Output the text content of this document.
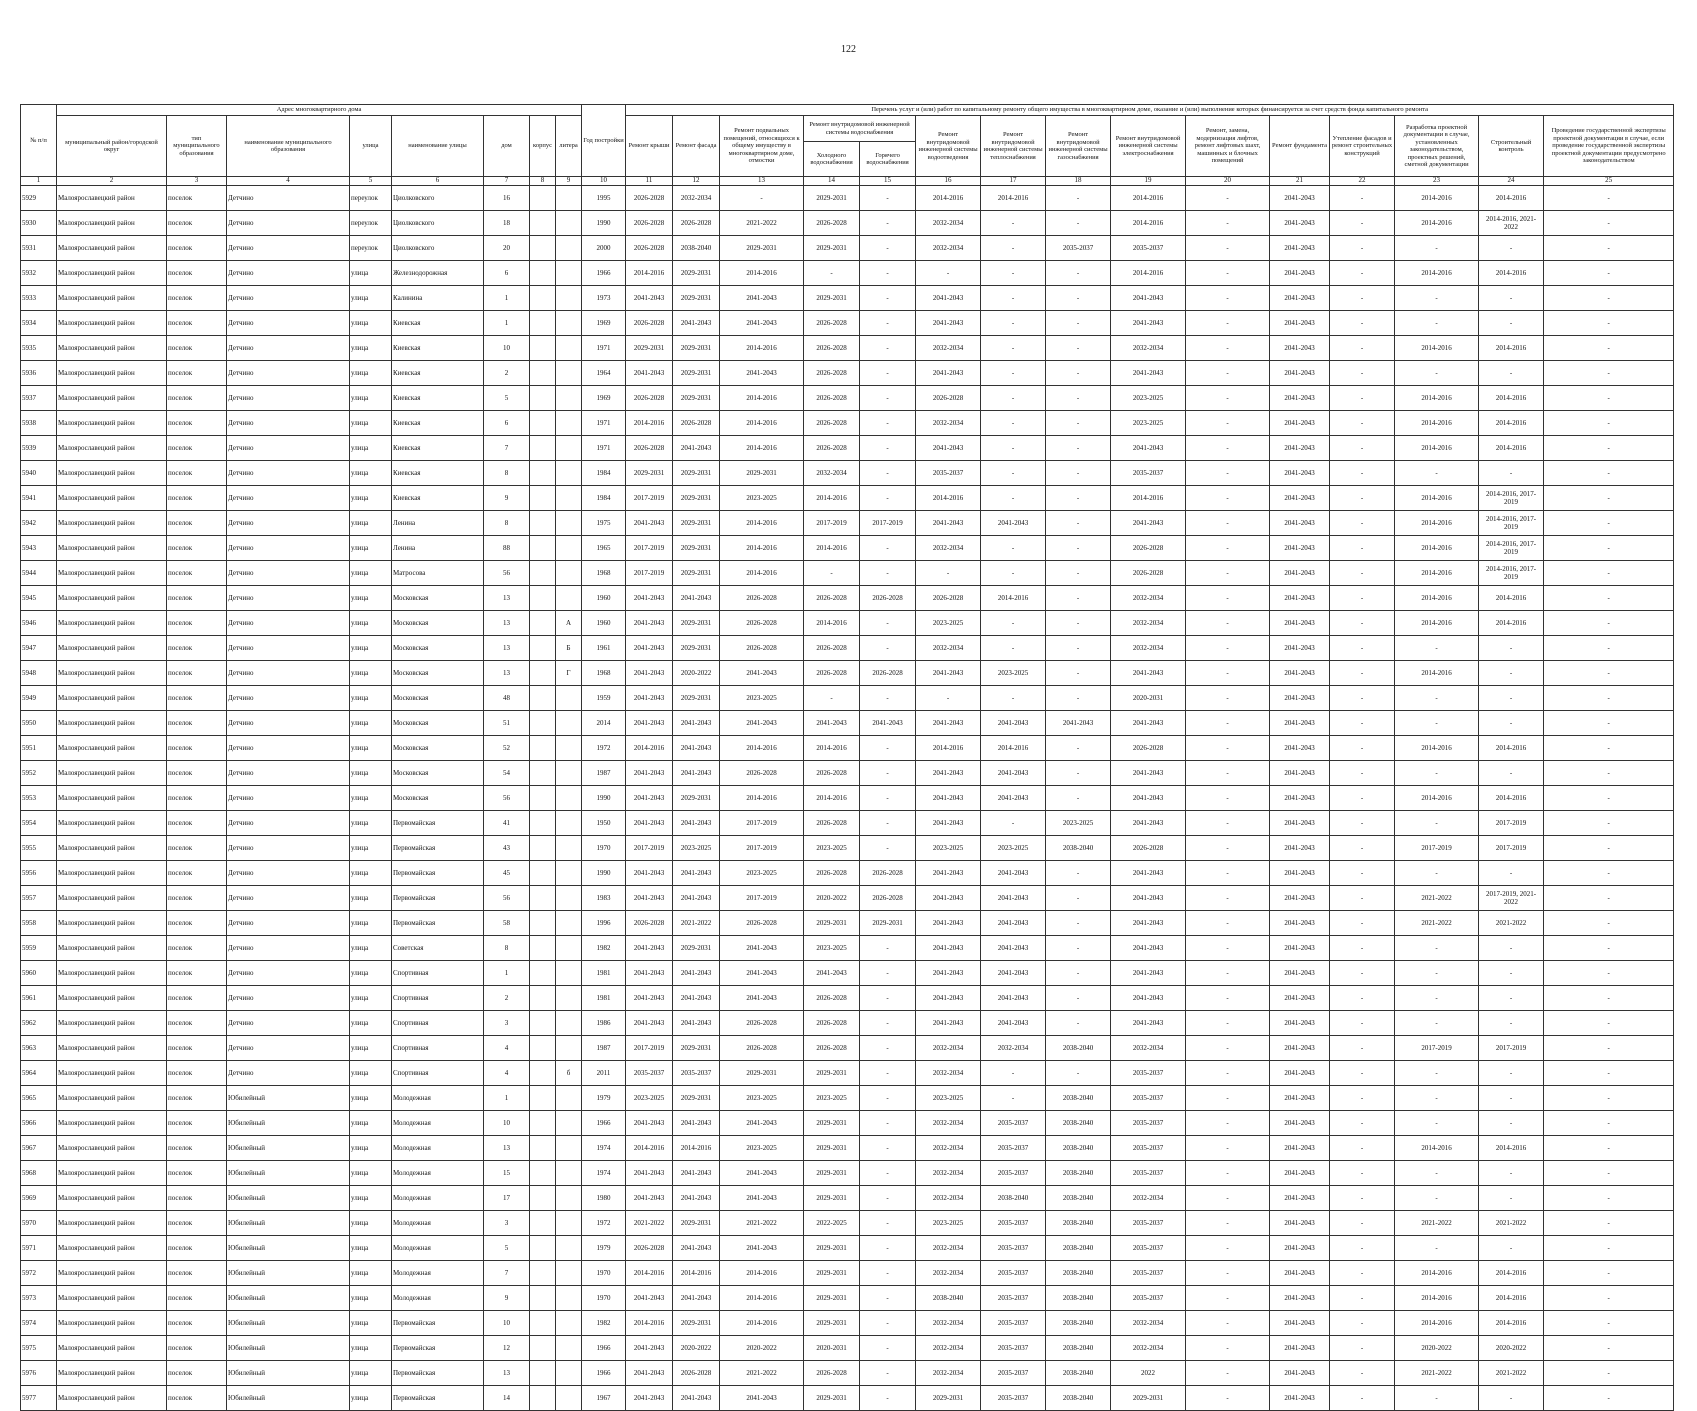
122
№ п/п	Адрес многоквартирного дома								Год постройки	Перечень услуг и (или) работ по капитальному ремонту общего имущества в многоквартирном доме, оказание и (или) выполнение которых финансируется за счет средств фонда капитального ремонта														
	муниципальный район/городской округ	тип муниципального образования	наименование муниципального образования	улица	наименование улицы	дом	корпус	литера		Ремонт крыши	Ремонт фасада	Ремонт подвальных помещений, относящихся к общему имуществу в многоквартирном доме, отмостки	Ремонт внутридомовой инженерной системы водоснабжения		Ремонт внутридомовой инженерной системы водоотведения	Ремонт внутридомовой инженерной системы теплоснабжения	Ремонт внутридомовой инженерной системы газоснабжения	Ремонт внутридомовой инженерной системы электроснабжения	Ремонт, замена, модернизация лифтов, ремонт лифтовых шахт, машинных и блочных помещений	Ремонт фундамента	Утепление фасадов и ремонт строительных конструкций	Разработка проектной документации в случае, установленных законодательством, проектных решений, сметной документации	Строительный контроль	Проведение государственной экспертизы проектной документации в случае, если проведение государственной экспертизы проектной документации предусмотрено законодательством
													Холодного водоснабжения	Горячего водоснабжения										
1	2	3	4	5	6	7	8	9	10	11	12	13	14	15	16	17	18	19	20	21	22	23	24	25
5929	Малоярославецкий район	поселок	Детчино	переулок	Циолковского	16			1995	2026-2028	2032-2034	-	2029-2031	-	2014-2016	2014-2016	-	2014-2016	-	2041-2043	-	2014-2016	2014-2016	-
5930	Малоярославецкий район	поселок	Детчино	переулок	Циолковского	18			1990	2026-2028	2026-2028	2021-2022	2026-2028	-	2032-2034	-	-	2014-2016	-	2041-2043	-	2014-2016	2014-2016, 2021-2022	-
5931	Малоярославецкий район	поселок	Детчино	переулок	Циолковского	20			2000	2026-2028	2038-2040	2029-2031	2029-2031	-	2032-2034	-	2035-2037	2035-2037	-	2041-2043	-	-	-	-
5932	Малоярославецкий район	поселок	Детчино	улица	Железнодорожная	6			1966	2014-2016	2029-2031	2014-2016	-	-	-	-	-	2014-2016	-	2041-2043	-	2014-2016	2014-2016	-
5933	Малоярославецкий район	поселок	Детчино	улица	Калинина	1			1973	2041-2043	2029-2031	2041-2043	2029-2031	-	2041-2043	-	-	2041-2043	-	2041-2043	-	-	-	-
5934	Малоярославецкий район	поселок	Детчино	улица	Киевская	1			1969	2026-2028	2041-2043	2041-2043	2026-2028	-	2041-2043	-	-	2041-2043	-	2041-2043	-	-	-	-
5935	Малоярославецкий район	поселок	Детчино	улица	Киевская	10			1971	2029-2031	2029-2031	2014-2016	2026-2028	-	2032-2034	-	-	2032-2034	-	2041-2043	-	2014-2016	2014-2016	-
5936	Малоярославецкий район	поселок	Детчино	улица	Киевская	2			1964	2041-2043	2029-2031	2041-2043	2026-2028	-	2041-2043	-	-	2041-2043	-	2041-2043	-	-	-	-
5937	Малоярославецкий район	поселок	Детчино	улица	Киевская	5			1969	2026-2028	2029-2031	2014-2016	2026-2028	-	2026-2028	-	-	2023-2025	-	2041-2043	-	2014-2016	2014-2016	-
5938	Малоярославецкий район	поселок	Детчино	улица	Киевская	6			1971	2014-2016	2026-2028	2014-2016	2026-2028	-	2032-2034	-	-	2023-2025	-	2041-2043	-	2014-2016	2014-2016	-
5939	Малоярославецкий район	поселок	Детчино	улица	Киевская	7			1971	2026-2028	2041-2043	2014-2016	2026-2028	-	2041-2043	-	-	2041-2043	-	2041-2043	-	2014-2016	2014-2016	-
5940	Малоярославецкий район	поселок	Детчино	улица	Киевская	8			1984	2029-2031	2029-2031	2029-2031	2032-2034	-	2035-2037	-	-	2035-2037	-	2041-2043	-	-	-	-
5941	Малоярославецкий район	поселок	Детчино	улица	Киевская	9			1984	2017-2019	2029-2031	2023-2025	2014-2016	-	2014-2016	-	-	2014-2016	-	2041-2043	-	2014-2016	2014-2016, 2017-2019	-
5942	Малоярославецкий район	поселок	Детчино	улица	Ленина	8			1975	2041-2043	2029-2031	2014-2016	2017-2019	2017-2019	2041-2043	2041-2043	-	2041-2043	-	2041-2043	-	2014-2016	2014-2016, 2017-2019	-
5943	Малоярославецкий район	поселок	Детчино	улица	Ленина	88			1965	2017-2019	2029-2031	2014-2016	2014-2016	-	2032-2034	-	-	2026-2028	-	2041-2043	-	2014-2016	2014-2016, 2017-2019	-
5944	Малоярославецкий район	поселок	Детчино	улица	Матросова	56			1968	2017-2019	2029-2031	2014-2016	-	-	-	-	-	2026-2028	-	2041-2043	-	2014-2016	2014-2016, 2017-2019	-
5945	Малоярославецкий район	поселок	Детчино	улица	Московская	13			1960	2041-2043	2041-2043	2026-2028	2026-2028	2026-2028	2026-2028	2014-2016	-	2032-2034	-	2041-2043	-	2014-2016	2014-2016	-
5946	Малоярославецкий район	поселок	Детчино	улица	Московская	13		А	1960	2041-2043	2029-2031	2026-2028	2014-2016	-	2023-2025	-	-	2032-2034	-	2041-2043	-	2014-2016	2014-2016	-
5947	Малоярославецкий район	поселок	Детчино	улица	Московская	13		Б	1961	2041-2043	2029-2031	2026-2028	2026-2028	-	2032-2034	-	-	2032-2034	-	2041-2043	-	-	-	-
5948	Малоярославецкий район	поселок	Детчино	улица	Московская	13		Г	1968	2041-2043	2020-2022	2041-2043	2026-2028	2026-2028	2041-2043	2023-2025	-	2041-2043	-	2041-2043	-	2014-2016	-	-
5949	Малоярославецкий район	поселок	Детчино	улица	Московская	48			1959	2041-2043	2029-2031	2023-2025	-	-	-	-	-	2020-2031	-	2041-2043	-	-	-	-
5950	Малоярославецкий район	поселок	Детчино	улица	Московская	51			2014	2041-2043	2041-2043	2041-2043	2041-2043	2041-2043	2041-2043	2041-2043	2041-2043	2041-2043	-	2041-2043	-	-	-	-
5951	Малоярославецкий район	поселок	Детчино	улица	Московская	52			1972	2014-2016	2041-2043	2014-2016	2014-2016	-	2014-2016	2014-2016	-	2026-2028	-	2041-2043	-	2014-2016	2014-2016	-
5952	Малоярославецкий район	поселок	Детчино	улица	Московская	54			1987	2041-2043	2041-2043	2026-2028	2026-2028	-	2041-2043	2041-2043	-	2041-2043	-	2041-2043	-	-	-	-
5953	Малоярославецкий район	поселок	Детчино	улица	Московская	56			1990	2041-2043	2029-2031	2014-2016	2014-2016	-	2041-2043	2041-2043	-	2041-2043	-	2041-2043	-	2014-2016	2014-2016	-
5954	Малоярославецкий район	поселок	Детчино	улица	Первомайская	41			1950	2041-2043	2041-2043	2017-2019	2026-2028	-	2041-2043	-	2023-2025	2041-2043	-	2041-2043	-	-	2017-2019	-
5955	Малоярославецкий район	поселок	Детчино	улица	Первомайская	43			1970	2017-2019	2023-2025	2017-2019	2023-2025	-	2023-2025	2023-2025	2038-2040	2026-2028	-	2041-2043	-	2017-2019	2017-2019	-
5956	Малоярославецкий район	поселок	Детчино	улица	Первомайская	45			1990	2041-2043	2041-2043	2023-2025	2026-2028	2026-2028	2041-2043	2041-2043	-	2041-2043	-	2041-2043	-	-	-	-
5957	Малоярославецкий район	поселок	Детчино	улица	Первомайская	56			1983	2041-2043	2041-2043	2017-2019	2020-2022	2026-2028	2041-2043	2041-2043	-	2041-2043	-	2041-2043	-	2021-2022	2017-2019, 2021-2022	-
5958	Малоярославецкий район	поселок	Детчино	улица	Первомайская	58			1996	2026-2028	2021-2022	2026-2028	2029-2031	2029-2031	2041-2043	2041-2043	-	2041-2043	-	2041-2043	-	2021-2022	2021-2022	-
5959	Малоярославецкий район	поселок	Детчино	улица	Советская	8			1982	2041-2043	2029-2031	2041-2043	2023-2025	-	2041-2043	2041-2043	-	2041-2043	-	2041-2043	-	-	-	-
5960	Малоярославецкий район	поселок	Детчино	улица	Спортивная	1			1981	2041-2043	2041-2043	2041-2043	2041-2043	-	2041-2043	2041-2043	-	2041-2043	-	2041-2043	-	-	-	-
5961	Малоярославецкий район	поселок	Детчино	улица	Спортивная	2			1981	2041-2043	2041-2043	2041-2043	2026-2028	-	2041-2043	2041-2043	-	2041-2043	-	2041-2043	-	-	-	-
5962	Малоярославецкий район	поселок	Детчино	улица	Спортивная	3			1986	2041-2043	2041-2043	2026-2028	2026-2028	-	2041-2043	2041-2043	-	2041-2043	-	2041-2043	-	-	-	-
5963	Малоярославецкий район	поселок	Детчино	улица	Спортивная	4			1987	2017-2019	2029-2031	2026-2028	2026-2028	-	2032-2034	2032-2034	2038-2040	2032-2034	-	2041-2043	-	2017-2019	2017-2019	-
5964	Малоярославецкий район	поселок	Детчино	улица	Спортивная	4		б	2011	2035-2037	2035-2037	2029-2031	2029-2031	-	2032-2034	-	-	2035-2037	-	2041-2043	-	-	-	-
5965	Малоярославецкий район	поселок	Юбилейный	улица	Молодежная	1			1979	2023-2025	2029-2031	2023-2025	2023-2025	-	2023-2025	-	2038-2040	2035-2037	-	2041-2043	-	-	-	-
5966	Малоярославецкий район	поселок	Юбилейный	улица	Молодежная	10			1966	2041-2043	2041-2043	2041-2043	2029-2031	-	2032-2034	2035-2037	2038-2040	2035-2037	-	2041-2043	-	-	-	-
5967	Малоярославецкий район	поселок	Юбилейный	улица	Молодежная	13			1974	2014-2016	2014-2016	2023-2025	2029-2031	-	2032-2034	2035-2037	2038-2040	2035-2037	-	2041-2043	-	2014-2016	2014-2016	-
5968	Малоярославецкий район	поселок	Юбилейный	улица	Молодежная	15			1974	2041-2043	2041-2043	2041-2043	2029-2031	-	2032-2034	2035-2037	2038-2040	2035-2037	-	2041-2043	-	-	-	-
5969	Малоярославецкий район	поселок	Юбилейный	улица	Молодежная	17			1980	2041-2043	2041-2043	2041-2043	2029-2031	-	2032-2034	2038-2040	2038-2040	2032-2034	-	2041-2043	-	-	-	-
5970	Малоярославецкий район	поселок	Юбилейный	улица	Молодежная	3			1972	2021-2022	2029-2031	2021-2022	2022-2025	-	2023-2025	2035-2037	2038-2040	2035-2037	-	2041-2043	-	2021-2022	2021-2022	-
5971	Малоярославецкий район	поселок	Юбилейный	улица	Молодежная	5			1979	2026-2028	2041-2043	2041-2043	2029-2031	-	2032-2034	2035-2037	2038-2040	2035-2037	-	2041-2043	-	-	-	-
5972	Малоярославецкий район	поселок	Юбилейный	улица	Молодежная	7			1970	2014-2016	2014-2016	2014-2016	2029-2031	-	2032-2034	2035-2037	2038-2040	2035-2037	-	2041-2043	-	2014-2016	2014-2016	-
5973	Малоярославецкий район	поселок	Юбилейный	улица	Молодежная	9			1970	2041-2043	2041-2043	2014-2016	2029-2031	-	2038-2040	2035-2037	2038-2040	2035-2037	-	2041-2043	-	2014-2016	2014-2016	-
5974	Малоярославецкий район	поселок	Юбилейный	улица	Первомайская	10			1982	2014-2016	2029-2031	2014-2016	2029-2031	-	2032-2034	2035-2037	2038-2040	2032-2034	-	2041-2043	-	2014-2016	2014-2016	-
5975	Малоярославецкий район	поселок	Юбилейный	улица	Первомайская	12			1966	2041-2043	2020-2022	2020-2022	2020-2031	-	2032-2034	2035-2037	2038-2040	2032-2034	-	2041-2043	-	2020-2022	2020-2022	-
5976	Малоярославецкий район	поселок	Юбилейный	улица	Первомайская	13			1966	2041-2043	2026-2028	2021-2022	2026-2028	-	2032-2034	2035-2037	2038-2040	2022	-	2041-2043	-	2021-2022	2021-2022	-
5977	Малоярославецкий район	поселок	Юбилейный	улица	Первомайская	14			1967	2041-2043	2041-2043	2041-2043	2029-2031	-	2029-2031	2035-2037	2038-2040	2029-2031	-	2041-2043	-	-	-	-
